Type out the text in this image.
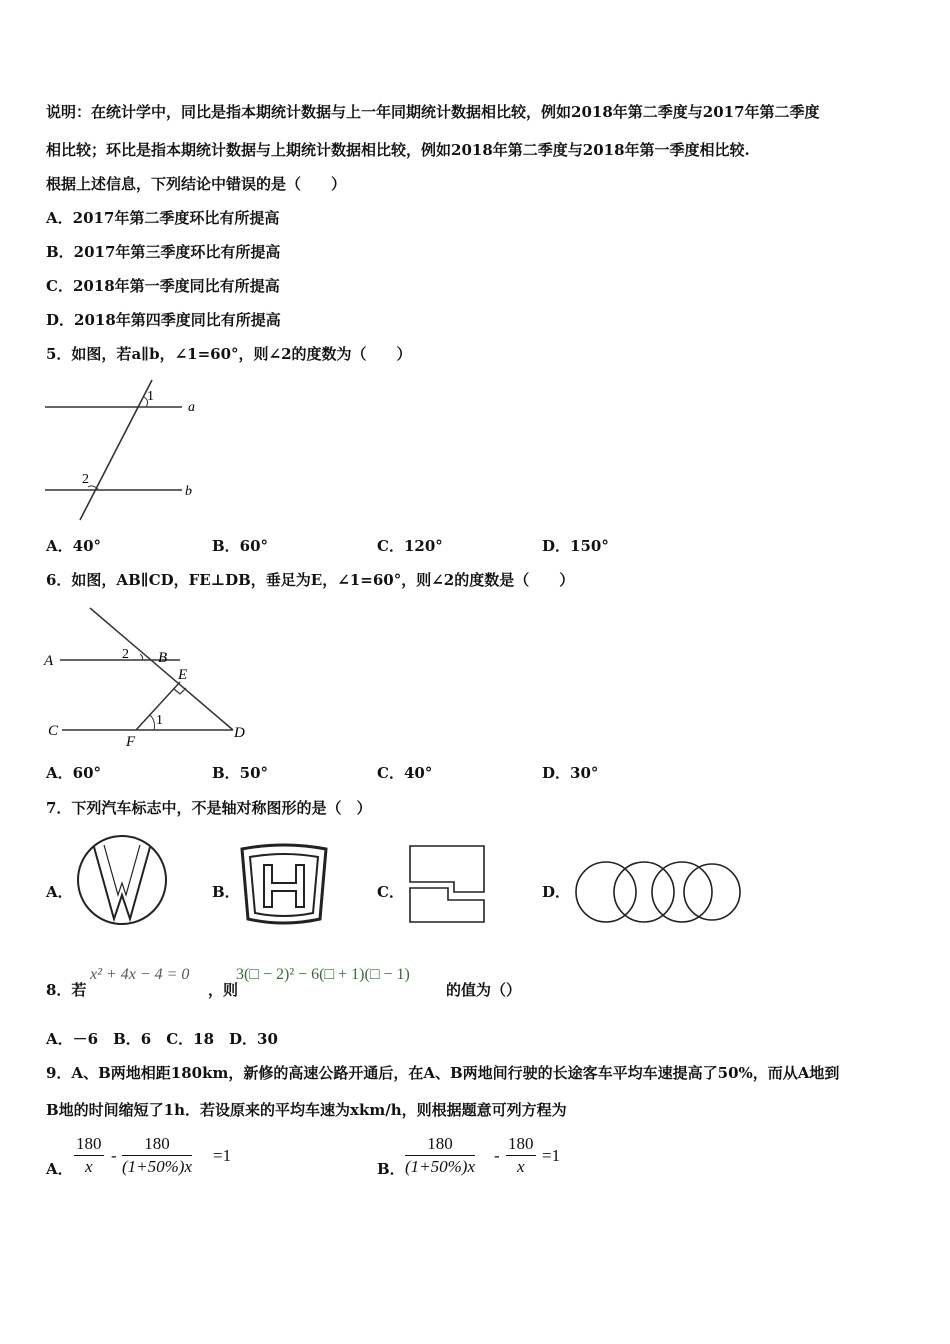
说明：在统计学中，同比是指本期统计数据与上一年同期统计数据相比较，例如2018年第二季度与2017年第二季度
相比较；环比是指本期统计数据与上期统计数据相比较，例如2018年第二季度与2018年第一季度相比较.
根据上述信息，下列结论中错误的是（　　）
A．2017年第二季度环比有所提高
B．2017年第三季度环比有所提高
C．2018年第一季度同比有所提高
D．2018年第四季度同比有所提高
5．如图，若a∥b，∠1=60°，则∠2的度数为（　　）
1
2
a
b
A．40°	B．60°	C．120°	D．150°
6．如图，AB∥CD，FE⊥DB，垂足为E，∠1=60°，则∠2的度数是（　　）
A	B
C	D
E
F
1
2
A．60°	B．50°	C．40°	D．30°
7．下列汽车标志中，不是轴对称图形的是（　）
A．	B．	C．	D．
8．若
x² + 4x − 4 = 0
，则
3(□ − 2)² − 6(□ + 1)(□ − 1)
的值为（）
A．－6　B．6　C．18　D．30
9．A、B两地相距180km，新修的高速公路开通后，在A、B两地间行驶的长途客车平均车速提高了50%，而从A地到
B地的时间缩短了1h．若设原来的平均车速为xkm/h，则根据题意可列方程为
A． $\frac{180}{x} - \frac{180}{(1+50\%)x} =1$
B． $\frac{180}{(1+50\%)x} - \frac{180}{x} =1$
